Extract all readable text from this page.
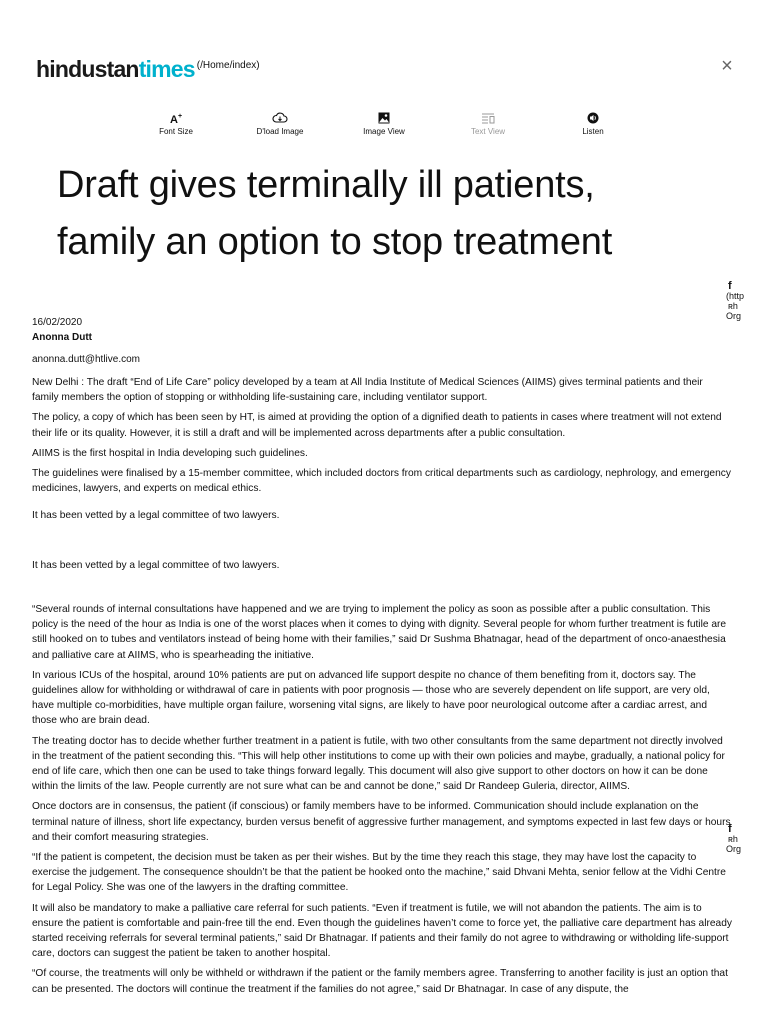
hindustantimes (/Home/index)	×
A +
Font Size	D'load Image	Image View	Text View	Listen
Draft gives terminally ill patients, family an option to stop treatment
f
(http
ʀh
Org
16/02/2020
Anonna Dutt
anonna.dutt@htlive.com

New Delhi : The draft “End of Life Care” policy developed by a team at All India Institute of Medical Sciences (AIIMS) gives terminal patients and their family members the option of stopping or withholding life-sustaining care, including ventilator support.

The policy, a copy of which has been seen by HT, is aimed at providing the option of a dignified death to patients in cases where treatment will not extend their life or its quality. However, it is still a draft and will be implemented across departments after a public consultation.

AIIMS is the first hospital in India developing such guidelines.

The guidelines were finalised by a 15-member committee, which included doctors from critical departments such as cardiology, nephrology, and emergency medicines, lawyers, and experts on medical ethics.

It has been vetted by a legal committee of two lawyers.
It has been vetted by a legal committee of two lawyers.

“Several rounds of internal consultations have happened and we are trying to implement the policy as soon as possible after a public consultation. This policy is the need of the hour as India is one of the worst places when it comes to dying with dignity. Several people for whom further treatment is futile are still hooked on to tubes and ventilators instead of being home with their families,” said Dr Sushma Bhatnagar, head of the department of onco-anaesthesia and palliative care at AIIMS, who is spearheading the initiative.

In various ICUs of the hospital, around 10% patients are put on advanced life support despite no chance of them benefiting from it, doctors say. The guidelines allow for withholding or withdrawal of care in patients with poor prognosis — those who are severely dependent on life support, are very old, have multiple co-morbidities, have multiple organ failure, worsening vital signs, are likely to have poor neurological outcome after a cardiac arrest, and those who are brain dead.

The treating doctor has to decide whether further treatment in a patient is futile, with two other consultants from the same department not directly involved in the treatment of the patient seconding this. “This will help other institutions to come up with their own policies and maybe, gradually, a national policy for end of life care, which then one can be used to take things forward legally. This document will also give support to other doctors on how it can be done within the limits of the law. People currently are not sure what can be and cannot be done,” said Dr Randeep Guleria, director, AIIMS.

Once doctors are in consensus, the patient (if conscious) or family members have to be informed. Communication should include explanation on the terminal nature of illness, short life expectancy, burden versus benefit of aggressive further management, and symptoms expected in last few days or hours and their comfort measuring strategies.

“If the patient is competent, the decision must be taken as per their wishes. But by the time they reach this stage, they may have lost the capacity to exercise the judgement. The consequence shouldn’t be that the patient be hooked onto the machine,” said Dhvani Mehta, senior fellow at the Vidhi Centre for Legal Policy. She was one of the lawyers in the drafting committee.

It will also be mandatory to make a palliative care referral for such patients. “Even if treatment is futile, we will not abandon the patients. The aim is to ensure the patient is comfortable and pain-free till the end. Even though the guidelines haven’t come to force yet, the palliative care department has already started receiving referrals for several terminal patients,” said Dr Bhatnagar. If patients and their family do not agree to withdrawing or witholding life-support care, doctors can suggest the patient be taken to another hospital.

“Of course, the treatments will only be withheld or withdrawn if the patient or the family members agree. Transferring to another facility is just an option that can be presented. The doctors will continue the treatment if the families do not agree,” said Dr Bhatnagar. In case of any dispute, the

f
ʀh
Org
